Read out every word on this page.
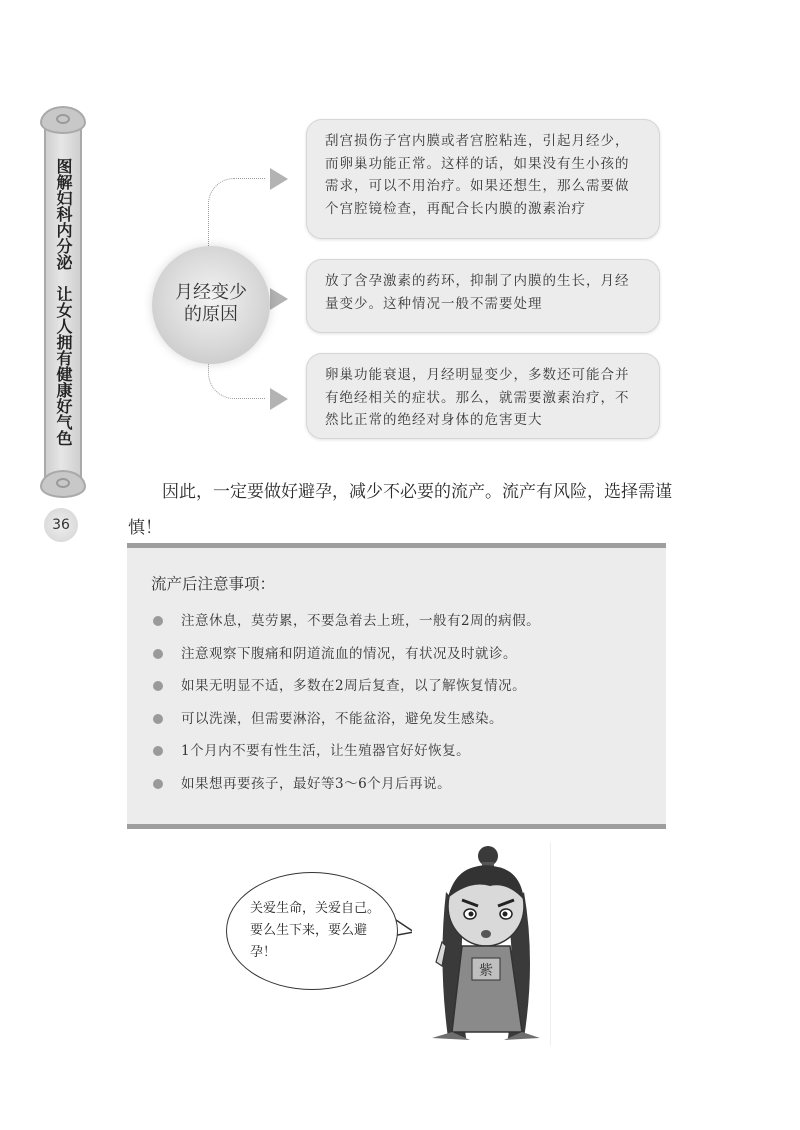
图解妇科内分泌　让女人拥有健康好气色
36
月经变少
的原因
刮宫损伤子宫内膜或者宫腔粘连，引起月经少，而卵巢功能正常。这样的话，如果没有生小孩的需求，可以不用治疗。如果还想生，那么需要做个宫腔镜检查，再配合长内膜的激素治疗
放了含孕激素的药环，抑制了内膜的生长，月经量变少。这种情况一般不需要处理
卵巢功能衰退，月经明显变少，多数还可能合并有绝经相关的症状。那么，就需要激素治疗，不然比正常的绝经对身体的危害更大
因此，一定要做好避孕，减少不必要的流产。流产有风险，选择需谨慎！
流产后注意事项：
注意休息，莫劳累，不要急着去上班，一般有2周的病假。
注意观察下腹痛和阴道流血的情况，有状况及时就诊。
如果无明显不适，多数在2周后复查，以了解恢复情况。
可以洗澡，但需要淋浴，不能盆浴，避免发生感染。
1个月内不要有性生活，让生殖器官好好恢复。
如果想再要孩子，最好等3～6个月后再说。
关爱生命，关爱自己。要么生下来，要么避孕！
紫
